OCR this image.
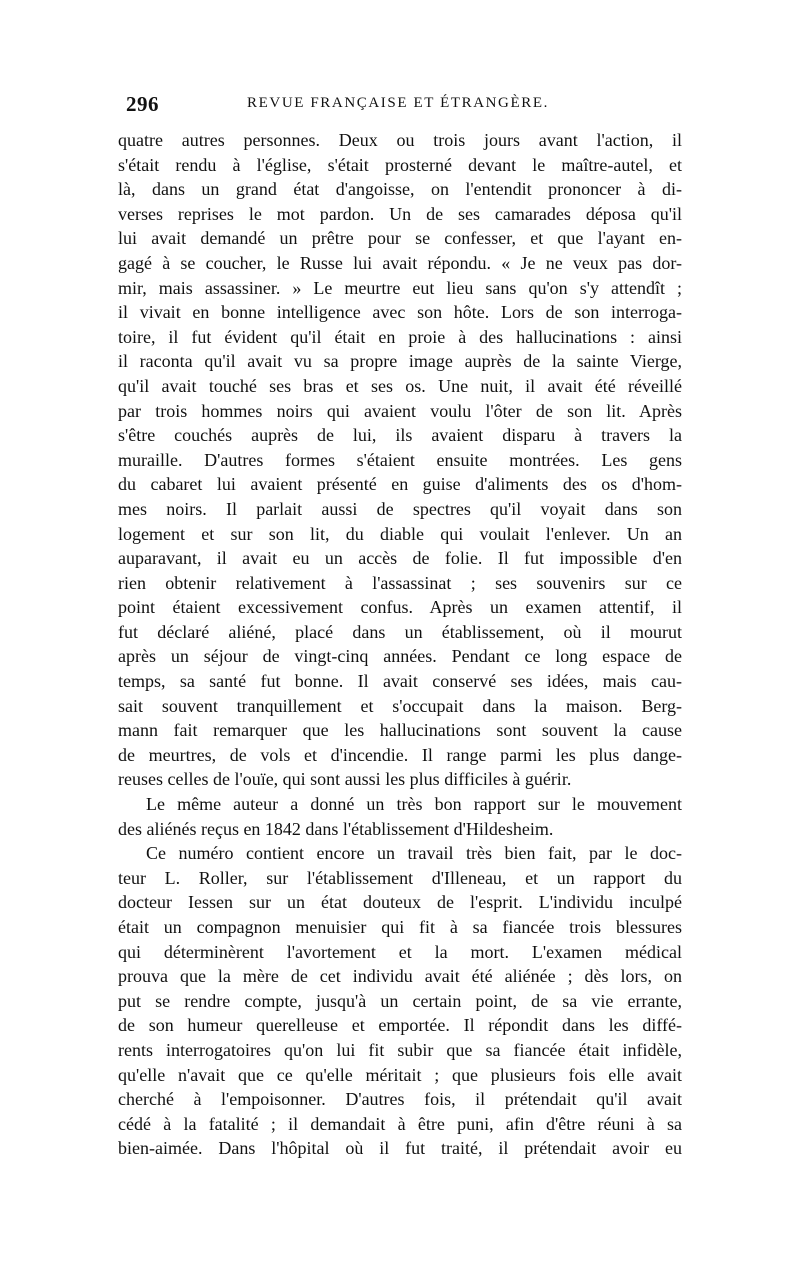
296	REVUE FRANÇAISE ET ÉTRANGÈRE.
quatre autres personnes. Deux ou trois jours avant l'action, il
s'était rendu à l'église, s'était prosterné devant le maître-autel, et
là, dans un grand état d'angoisse, on l'entendit prononcer à di-
verses reprises le mot pardon. Un de ses camarades déposa qu'il
lui avait demandé un prêtre pour se confesser, et que l'ayant en-
gagé à se coucher, le Russe lui avait répondu. « Je ne veux pas dor-
mir, mais assassiner. » Le meurtre eut lieu sans qu'on s'y attendît ;
il vivait en bonne intelligence avec son hôte. Lors de son interroga-
toire, il fut évident qu'il était en proie à des hallucinations : ainsi
il raconta qu'il avait vu sa propre image auprès de la sainte Vierge,
qu'il avait touché ses bras et ses os. Une nuit, il avait été réveillé
par trois hommes noirs qui avaient voulu l'ôter de son lit. Après
s'être couchés auprès de lui, ils avaient disparu à travers la
muraille. D'autres formes s'étaient ensuite montrées. Les gens
du cabaret lui avaient présenté en guise d'aliments des os d'hom-
mes noirs. Il parlait aussi de spectres qu'il voyait dans son
logement et sur son lit, du diable qui voulait l'enlever. Un an
auparavant, il avait eu un accès de folie. Il fut impossible d'en
rien obtenir relativement à l'assassinat ; ses souvenirs sur ce
point étaient excessivement confus. Après un examen attentif, il
fut déclaré aliéné, placé dans un établissement, où il mourut
après un séjour de vingt-cinq années. Pendant ce long espace de
temps, sa santé fut bonne. Il avait conservé ses idées, mais cau-
sait souvent tranquillement et s'occupait dans la maison. Berg-
mann fait remarquer que les hallucinations sont souvent la cause
de meurtres, de vols et d'incendie. Il range parmi les plus dange-
reuses celles de l'ouïe, qui sont aussi les plus difficiles à guérir.
Le même auteur a donné un très bon rapport sur le mouvement
des aliénés reçus en 1842 dans l'établissement d'Hildesheim.
Ce numéro contient encore un travail très bien fait, par le doc-
teur L. Roller, sur l'établissement d'Illeneau, et un rapport du
docteur Iessen sur un état douteux de l'esprit. L'individu inculpé
était un compagnon menuisier qui fit à sa fiancée trois blessures
qui déterminèrent l'avortement et la mort. L'examen médical
prouva que la mère de cet individu avait été aliénée ; dès lors, on
put se rendre compte, jusqu'à un certain point, de sa vie errante,
de son humeur querelleuse et emportée. Il répondit dans les diffé-
rents interrogatoires qu'on lui fit subir que sa fiancée était infidèle,
qu'elle n'avait que ce qu'elle méritait ; que plusieurs fois elle avait
cherché à l'empoisonner. D'autres fois, il prétendait qu'il avait
cédé à la fatalité ; il demandait à être puni, afin d'être réuni à sa
bien-aimée. Dans l'hôpital où il fut traité, il prétendait avoir eu
